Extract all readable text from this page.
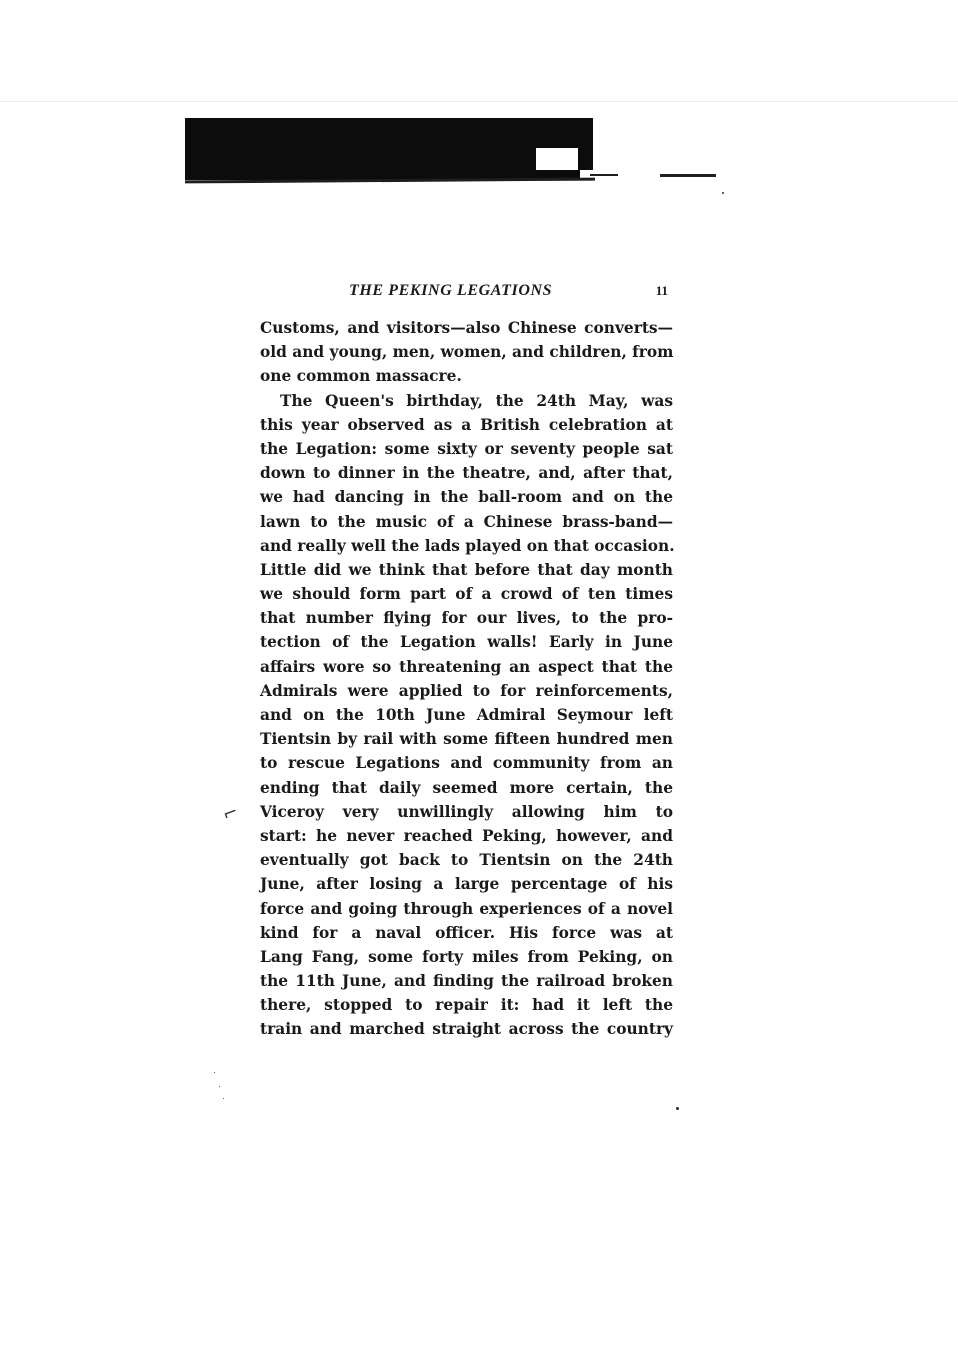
THE PEKING LEGATIONS	11
⌐
Customs, and visitors—also Chinese converts—
old and young, men, women, and children, from
one common massacre.
The Queen's birthday, the 24th May, was
this year observed as a British celebration at
the Legation: some sixty or seventy people sat
down to dinner in the theatre, and, after that,
we had dancing in the ball-room and on the
lawn to the music of a Chinese brass-band—
and really well the lads played on that occasion.
Little did we think that before that day month
we should form part of a crowd of ten times
that number flying for our lives, to the pro-
tection of the Legation walls! Early in June
affairs wore so threatening an aspect that the
Admirals were applied to for reinforcements,
and on the 10th June Admiral Seymour left
Tientsin by rail with some fifteen hundred men
to rescue Legations and community from an
ending that daily seemed more certain, the
Viceroy very unwillingly allowing him to
start: he never reached Peking, however, and
eventually got back to Tientsin on the 24th
June, after losing a large percentage of his
force and going through experiences of a novel
kind for a naval officer. His force was at
Lang Fang, some forty miles from Peking, on
the 11th June, and finding the railroad broken
there, stopped to repair it: had it left the
train and marched straight across the country
